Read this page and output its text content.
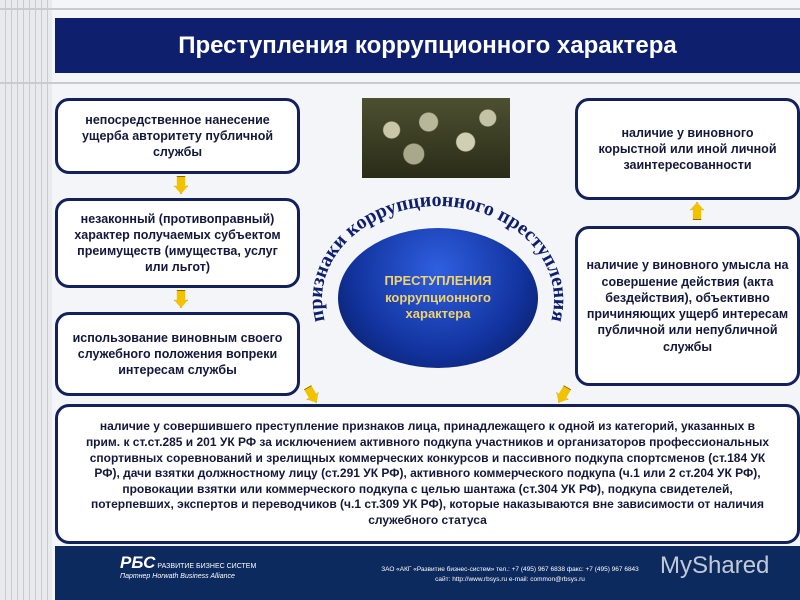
Преступления коррупционного характера
непосредственное нанесение ущерба авторитету публичной службы
незаконный (противоправный) характер получаемых субъектом преимуществ (имущества, услуг или льгот)
использование виновным своего служебного положения вопреки интересам службы
ПРЕСТУПЛЕНИЯ
коррупционного
характера
признаки коррупционного преступления
наличие у виновного корыстной или иной личной заинтересованности
наличие у виновного умысла на совершение действия (акта бездействия), объективно причиняющих ущерб интересам публичной или непубличной службы
наличие у совершившего преступление признаков лица, принадлежащего к одной из категорий, указанных в прим. к ст.ст.285 и 201 УК РФ за исключением активного подкупа участников и организаторов профессиональных спортивных соревнований и зрелищных коммерческих конкурсов и пассивного подкупа спортсменов (ст.184 УК РФ), дачи взятки должностному лицу (ст.291 УК РФ), активного коммерческого подкупа (ч.1 или 2 ст.204 УК РФ), провокации взятки или коммерческого подкупа с целью шантажа (ст.304 УК РФ), подкупа свидетелей, потерпевших, экспертов и переводчиков (ч.1 ст.309 УК РФ), которые наказываются вне зависимости от наличия служебного статуса
РБС РАЗВИТИЕ БИЗНЕС СИСТЕМ
Партнер Horwath Business Alliance
ЗАО «АКГ «Развитие бизнес-систем» тел.: +7 (495) 967 6838 факс: +7 (495) 967 6843
сайт: http://www.rbsys.ru e-mail: common@rbsys.ru
MyShared
